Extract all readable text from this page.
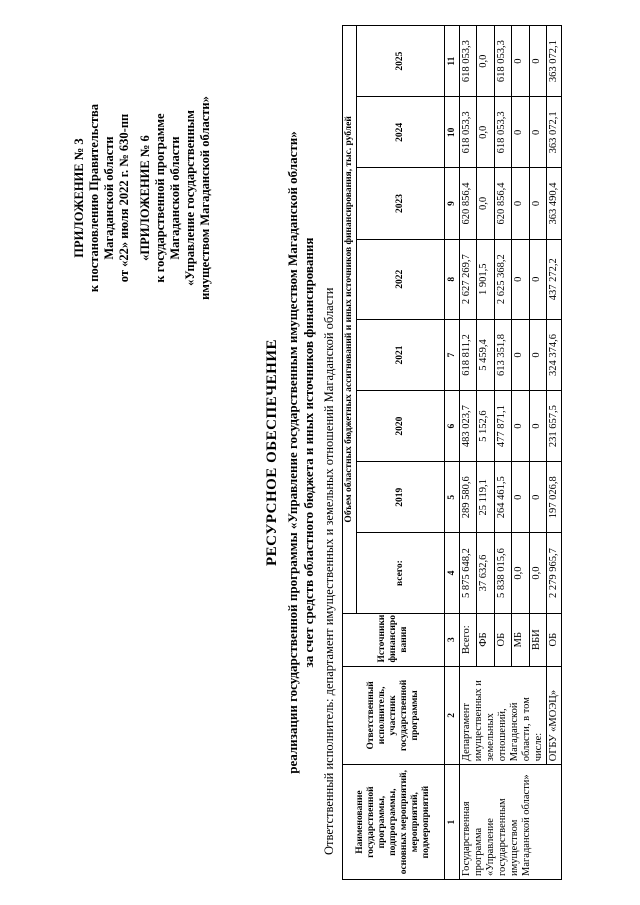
ПРИЛОЖЕНИЕ № 3 к постановлению Правительства Магаданской области от «22» июля 2022 г. № 630-пп «ПРИЛОЖЕНИЕ № 6 к государственной программе Магаданской области «Управление государственным имуществом Магаданской области»
РЕСУРСНОЕ ОБЕСПЕЧЕНИЕ реализации государственной программы «Управление государственным имуществом Магаданской области» за счет средств областного бюджета и иных источников финансирования Ответственный исполнитель: департамент имущественных и земельных отношений Магаданской области Наименование государственной программы, подпрограммы, основных мероприятий, мероприятий, подмероприятий	Ответственный исполнитель, участник государственной программы	Источники финансиро вания	Объем областных бюджетных ассигнований и иных источников финансирования, тыс. рублей							
			всего:	2019	2020	2021	2022	2023	2024	2025
1	2	3	4	5	6	7	8	9	10	11
Государственная программа «Управление государственным имуществом Магаданской области»	Департамент имущественных и земельных отношений, Магаданской области, в том числе:	Всего:	5 875 648,2	289 580,6	483 023,7	618 811,2	2 627 269,7	620 856,4	618 053,3	618 053,3
		ФБ	37 632,6	25 119,1	5 152,6	5 459,4	1 901,5	0,0	0,0	0,0
		ОБ	5 838 015,6	264 461,5	477 871,1	613 351,8	2 625 368,2	620 856,4	618 053,3	618 053,3
		МБ	0,0	0	0	0	0	0	0	0
		ВБИ	0,0	0	0	0	0	0	0	0
	ОГБУ «МОЭЦ»	ОБ	2 279 965,7	197 026,8	231 657,5	324 374,6	437 272,2	363 490,4	363 072,1	363 072,1
